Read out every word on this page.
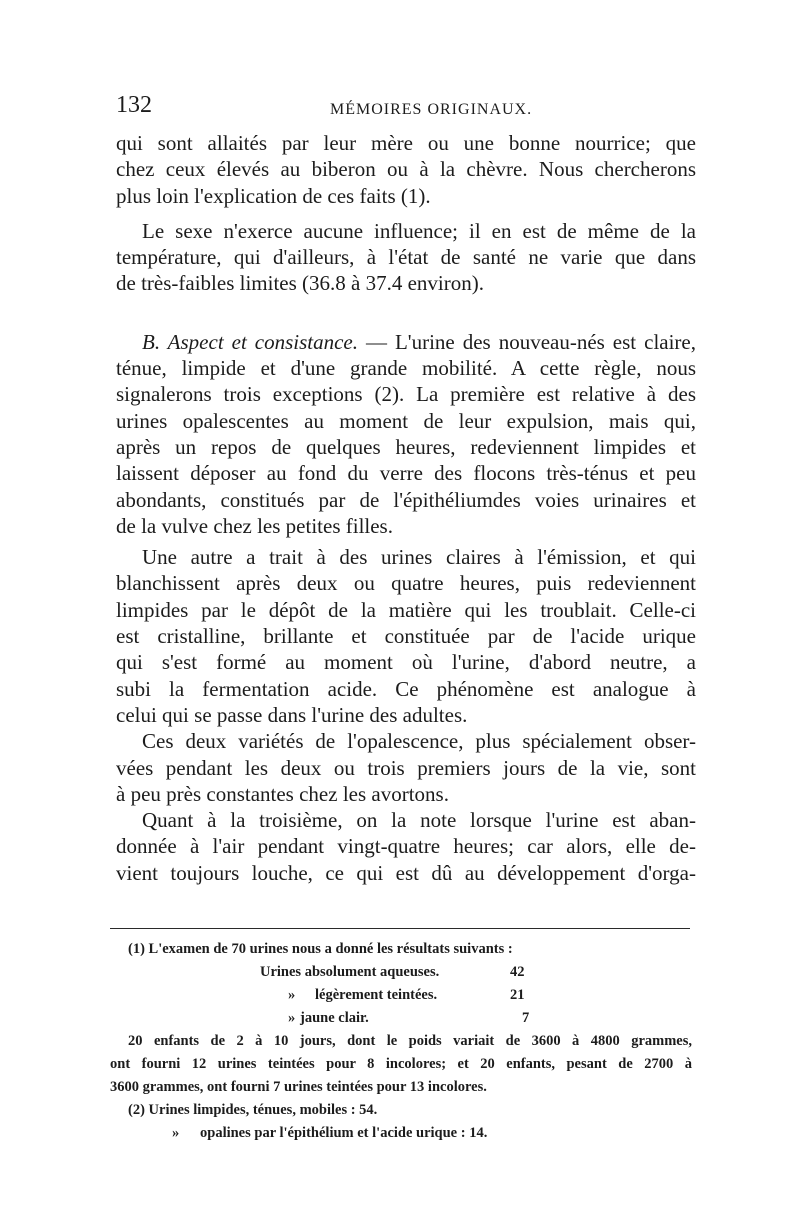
132	MÉMOIRES ORIGINAUX.

qui sont allaités par leur mère ou une bonne nourrice; que
chez ceux élevés au biberon ou à la chèvre. Nous chercherons
plus loin l'explication de ces faits (1).

Le sexe n'exerce aucune influence; il en est de même de la
température, qui d'ailleurs, à l'état de santé ne varie que dans
de très-faibles limites (36.8 à 37.4 environ).

B. Aspect et consistance. — L'urine des nouveau-nés est claire,
ténue, limpide et d'une grande mobilité. A cette règle, nous
signalerons trois exceptions (2). La première est relative à des
urines opalescentes au moment de leur expulsion, mais qui,
après un repos de quelques heures, redeviennent limpides et
laissent déposer au fond du verre des flocons très-ténus et peu
abondants, constitués par de l'épithéliumdes voies urinaires et
de la vulve chez les petites filles.

Une autre a trait à des urines claires à l'émission, et qui
blanchissent après deux ou quatre heures, puis redeviennent
limpides par le dépôt de la matière qui les troublait. Celle-ci
est cristalline, brillante et constituée par de l'acide urique
qui s'est formé au moment où l'urine, d'abord neutre, a
subi la fermentation acide. Ce phénomène est analogue à
celui qui se passe dans l'urine des adultes.

Ces deux variétés de l'opalescence, plus spécialement obser-
vées pendant les deux ou trois premiers jours de la vie, sont
à peu près constantes chez les avortons.

Quant à la troisième, on la note lorsque l'urine est aban-
donnée à l'air pendant vingt-quatre heures; car alors, elle de-
vient toujours louche, ce qui est dû au développement d'orga-

(1) L'examen de 70 urines nous a donné les résultats suivants :
Urines absolument aqueuses.	42
» légèrement teintées.	21
» jaune clair.	7
20 enfants de 2 à 10 jours, dont le poids variait de 3600 à 4800 grammes,
ont fourni 12 urines teintées pour 8 incolores; et 20 enfants, pesant de 2700 à
3600 grammes, ont fourni 7 urines teintées pour 13 incolores.
(2) Urines limpides, ténues, mobiles : 54.
» opalines par l'épithélium et l'acide urique : 14.
